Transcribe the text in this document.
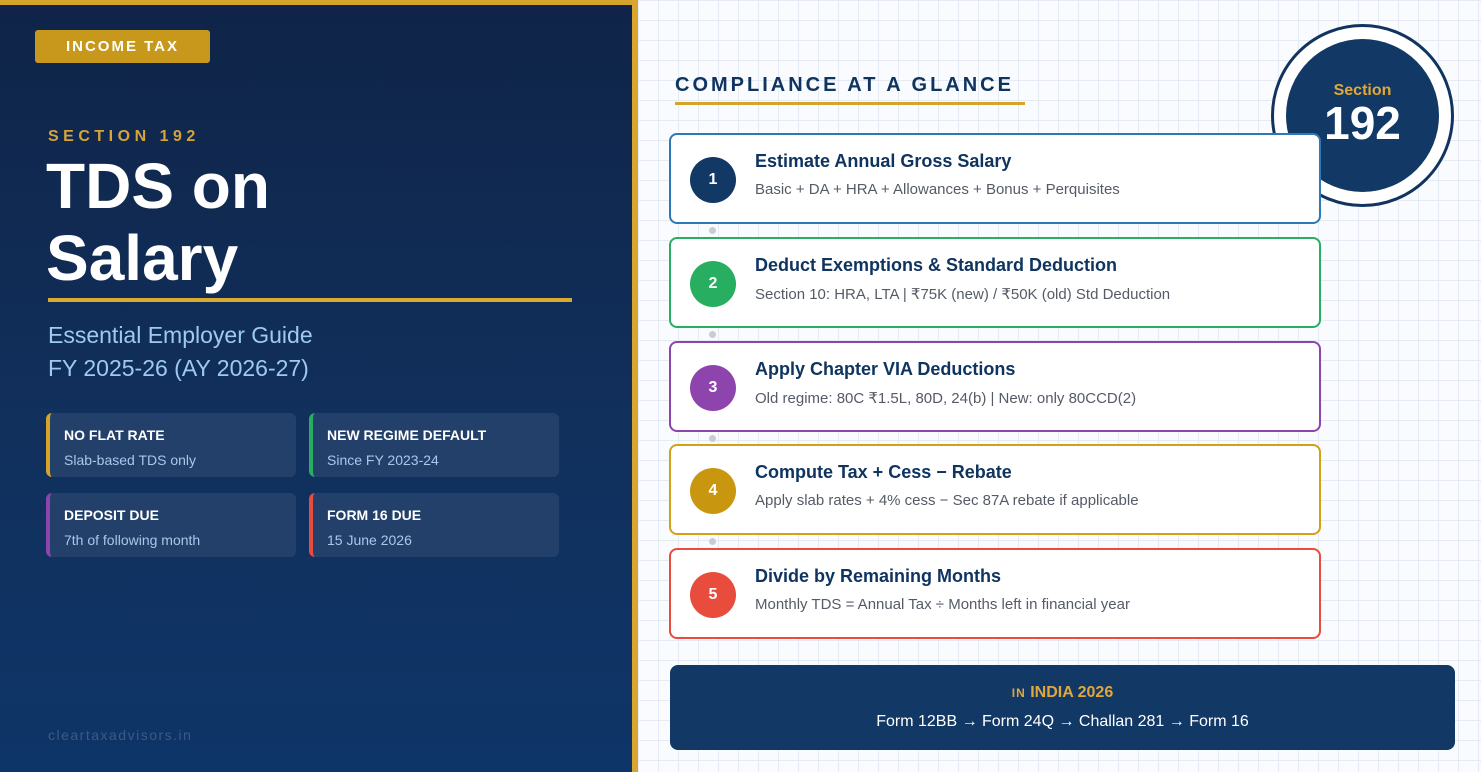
INCOME TAX
SECTION 192
TDS on
Salary
Essential Employer Guide
FY 2025-26 (AY 2026-27)
NO FLAT RATE
Slab-based TDS only
NEW REGIME DEFAULT
Since FY 2023-24
DEPOSIT DUE
7th of following month
FORM 16 DUE
15 June 2026
cleartaxadvisors.in
COMPLIANCE AT A GLANCE	Section
192
1
Estimate Annual Gross Salary
Basic + DA + HRA + Allowances + Bonus + Perquisites
2
Deduct Exemptions & Standard Deduction
Section 10: HRA, LTA | ₹75K (new) / ₹50K (old) Std Deduction
3
Apply Chapter VIA Deductions
Old regime: 80C ₹1.5L, 80D, 24(b) | New: only 80CCD(2)
4
Compute Tax + Cess − Rebate
Apply slab rates + 4% cess − Sec 87A rebate if applicable
5
Divide by Remaining Months
Monthly TDS = Annual Tax ÷ Months left in financial year
IN INDIA 2026
Form 12BB → Form 24Q → Challan 281 → Form 16
